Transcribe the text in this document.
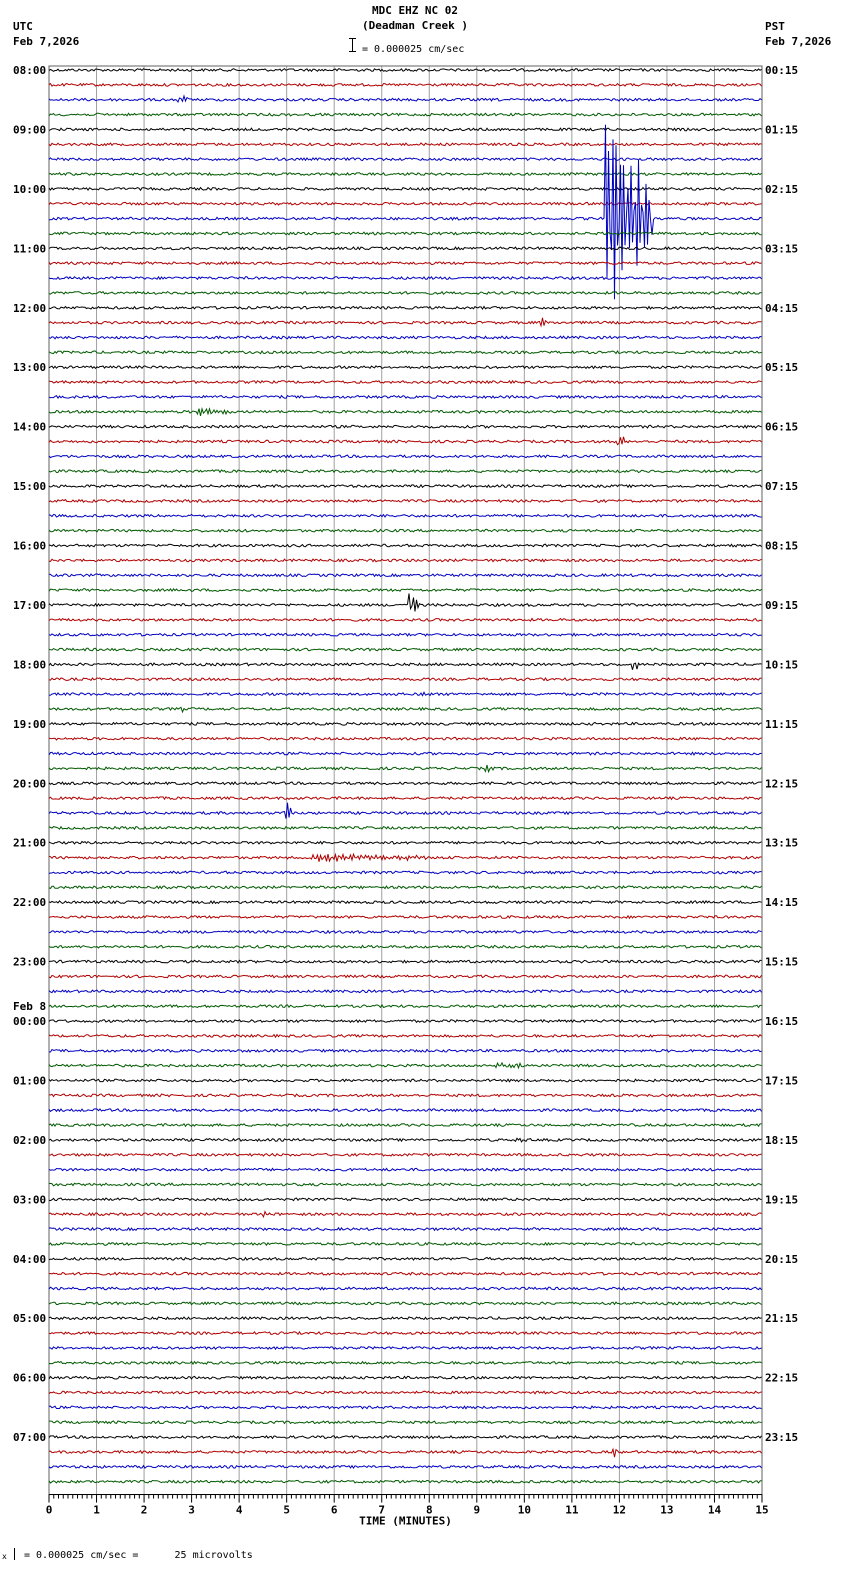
MDC EHZ NC 02
(Deadman Creek )
= 0.000025 cm/sec
UTC
Feb 7,2026
PST
Feb 7,2026
08:00	00:15
09:00	01:15
10:00	02:15
11:00	03:15
12:00	04:15
13:00	05:15
14:00	06:15
15:00	07:15
16:00	08:15
17:00	09:15
18:00	10:15
19:00	11:15
20:00	12:15
21:00	13:15
22:00	14:15
23:00	15:15
00:00	16:15
01:00	17:15
02:00	18:15
03:00	19:15
04:00	20:15
05:00	21:15
06:00	22:15
07:00	23:15
Feb 8
0	1	2	3	4	5	6	7	8	9	10	11	12	13	14	15
TIME (MINUTES)
x = 0.000025 cm/sec =      25 microvolts
